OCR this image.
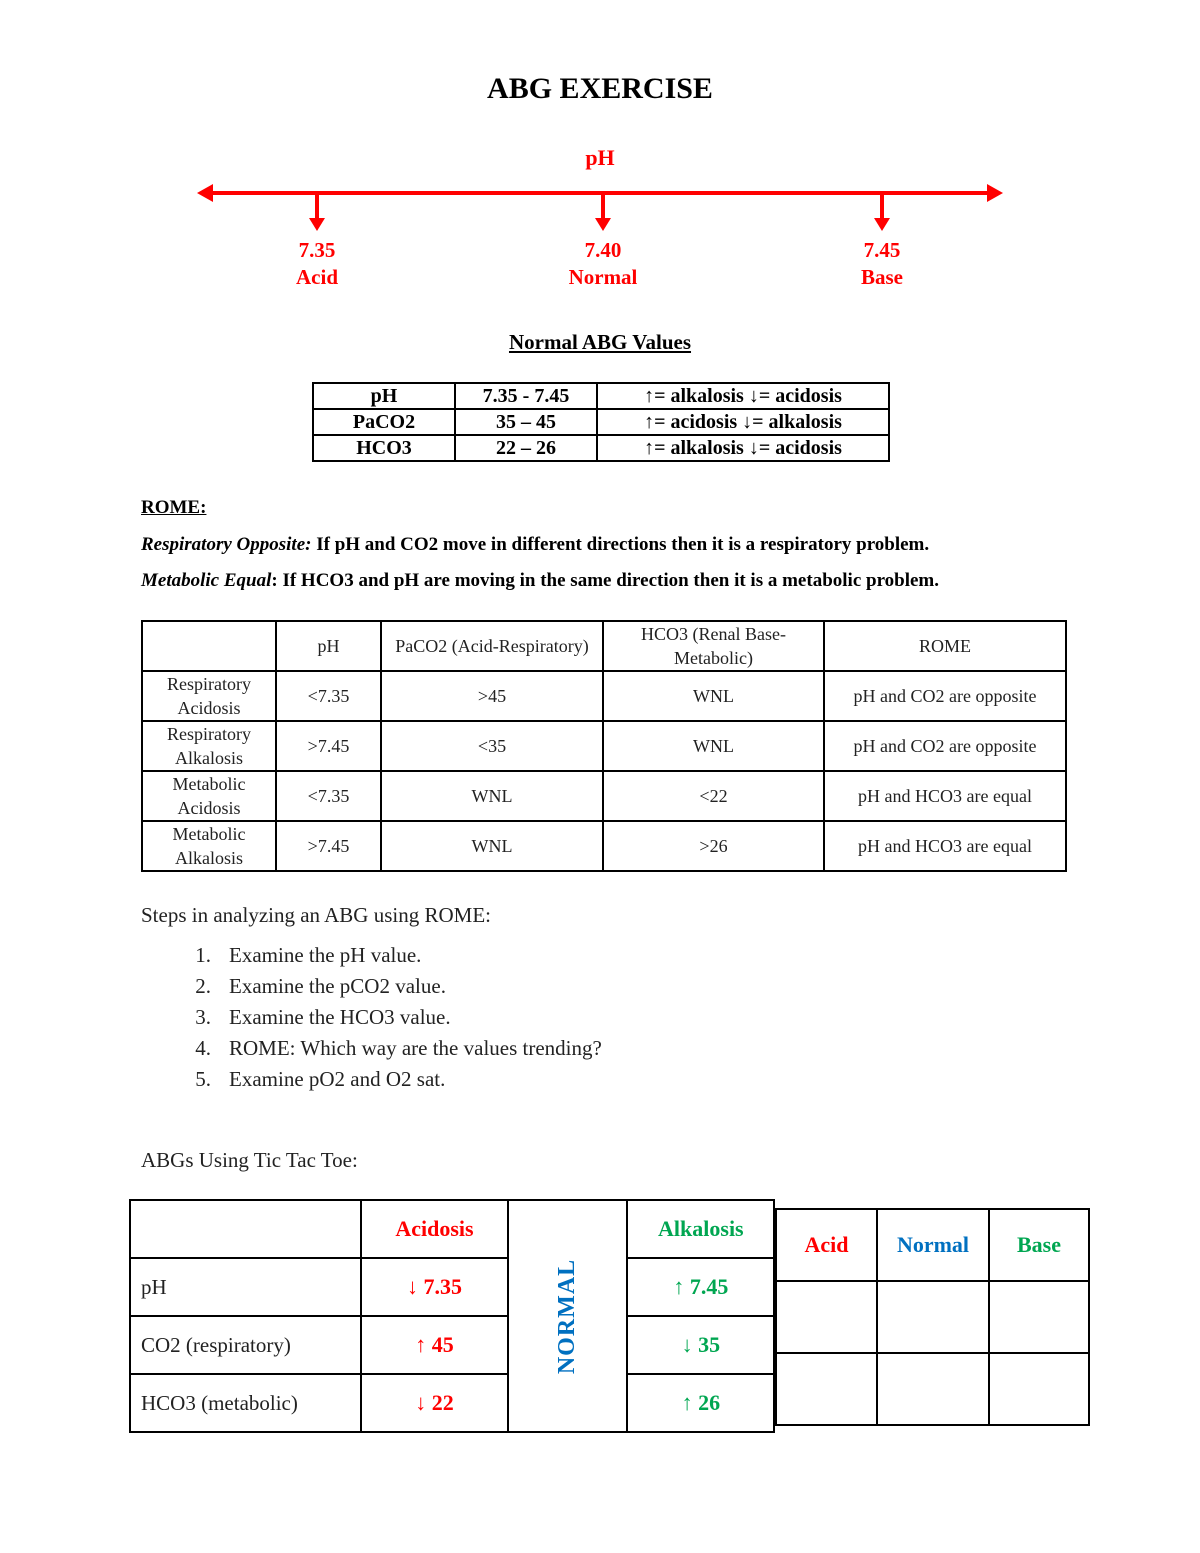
ABG EXERCISE
pH
7.35
Acid
7.40
Normal
7.45
Base
Normal ABG Values
pH	7.35 - 7.45	↑= alkalosis ↓= acidosis
PaCO2	35 – 45	↑= acidosis ↓= alkalosis
HCO3	22 – 26	↑= alkalosis ↓= acidosis
ROME:
Respiratory Opposite: If pH and CO2 move in different directions then it is a respiratory problem.
Metabolic Equal: If HCO3 and pH are moving in the same direction then it is a metabolic problem.
	pH	PaCO2 (Acid-Respiratory)	HCO3 (Renal Base-Metabolic)	ROME
Respiratory Acidosis	<7.35	>45	WNL	pH and CO2 are opposite
Respiratory Alkalosis	>7.45	<35	WNL	pH and CO2 are opposite
Metabolic Acidosis	<7.35	WNL	<22	pH and HCO3 are equal
Metabolic Alkalosis	>7.45	WNL	>26	pH and HCO3 are equal
Steps in analyzing an ABG using ROME:
1. Examine the pH value.
2. Examine the pCO2 value.
3. Examine the HCO3 value.
4. ROME: Which way are the values trending?
5. Examine pO2 and O2 sat.
ABGs Using Tic Tac Toe:
	Acidosis	NORMAL	Alkalosis
pH	↓ 7.35		↑ 7.45
CO2 (respiratory)	↑ 45		↓ 35
HCO3 (metabolic)	↓ 22		↑ 26
Acid	Normal	Base
